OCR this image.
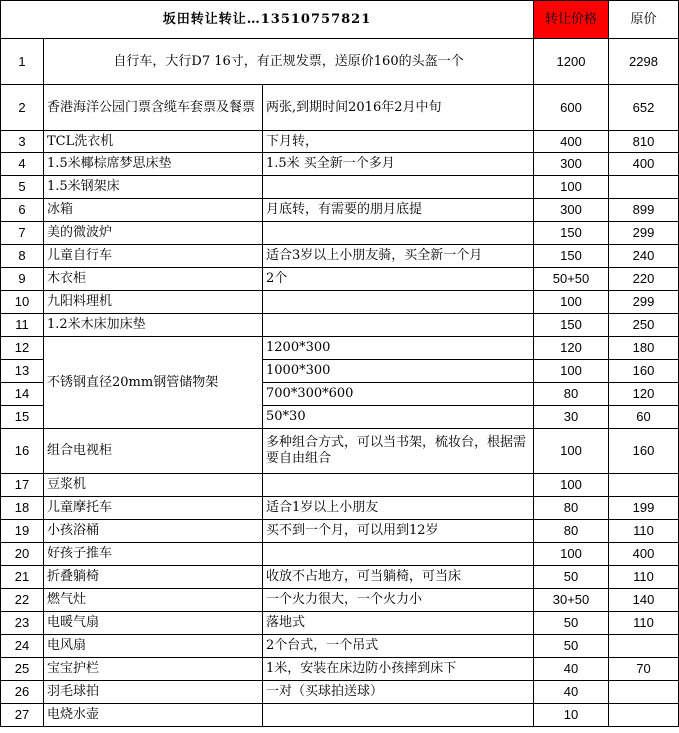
坂田转让转让…13510757821			转让价格	原价
1	自行车，大行D7 16寸，有正规发票，送原价160的头盔一个		1200	2298
2	香港海洋公园门票含缆车套票及餐票	两张,到期时间2016年2月中旬	600	652
3	TCL洗衣机	下月转，	400	810
4	1.5米椰棕席梦思床垫	1.5米 买全新一个多月	300	400
5	1.5米钢架床		100	
6	冰箱	月底转，有需要的朋月底提	300	899
7	美的微波炉		150	299
8	儿童自行车	适合3岁以上小朋友骑，买全新一个月	150	240
9	木衣柜	2个	50+50	220
10	九阳料理机		100	299
11	1.2米木床加床垫		150	250
12	不锈钢直径20mm钢管储物架	1200*300	120	180
13		1000*300	100	160
14		700*300*600	80	120
15		50*30	30	60
16	组合电视柜	多种组合方式，可以当书架，梳妆台，根据需要自由组合	100	160
17	豆浆机		100	
18	儿童摩托车	适合1岁以上小朋友	80	199
19	小孩浴桶	买不到一个月，可以用到12岁	80	110
20	好孩子推车		100	400
21	折叠躺椅	收放不占地方，可当躺椅，可当床	50	110
22	燃气灶	一个火力很大，一个火力小	30+50	140
23	电暖气扇	落地式	50	110
24	电风扇	2个台式，一个吊式	50	
25	宝宝护栏	1米，安装在床边防小孩摔到床下	40	70
26	羽毛球拍	一对（买球拍送球）	40	
27	电烧水壶		10	
